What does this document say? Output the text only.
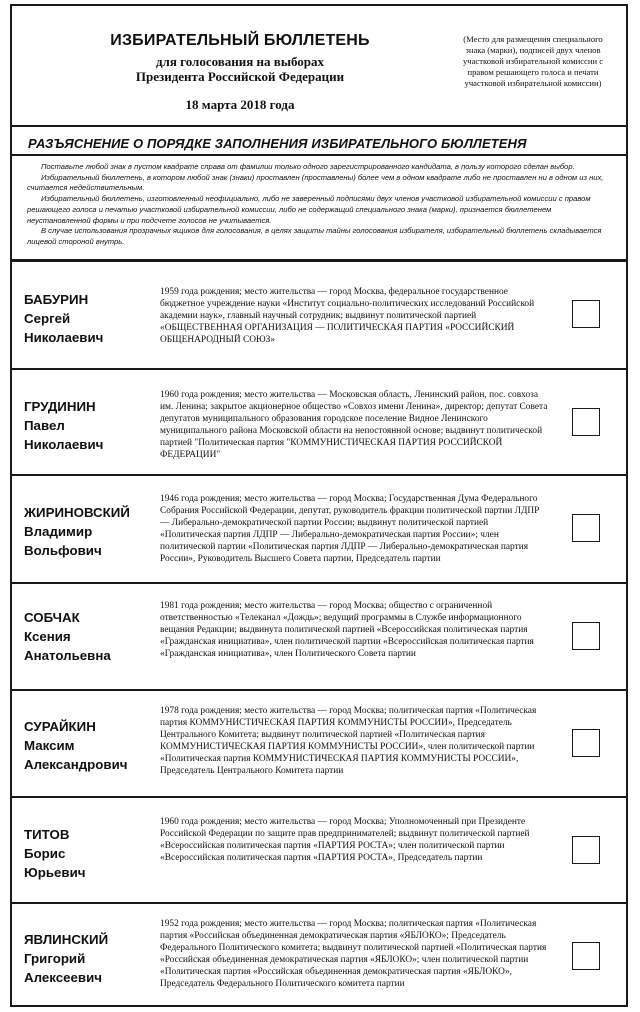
ИЗБИРАТЕЛЬНЫЙ БЮЛЛЕТЕНЬ
для голосования на выборах
Президента Российской Федерации
18 марта 2018 года
(Место для размещения специального знака (марки), подписей двух членов участковой избирательной комиссии с правом решающего голоса и печати участковой избирательной комиссии)
РАЗЪЯСНЕНИЕ О ПОРЯДКЕ ЗАПОЛНЕНИЯ ИЗБИРАТЕЛЬНОГО БЮЛЛЕТЕНЯ

Поставьте любой знак в пустом квадрате справа от фамилии только одного зарегистрированного кандидата, в пользу которого сделан выбор.

Избирательный бюллетень, в котором любой знак (знаки) проставлен (проставлены) более чем в одном квадрате либо не проставлен ни в одном из них, считается недействительным.

Избирательный бюллетень, изготовленный неофициально, либо не заверенный подписями двух членов участковой избирательной комиссии с правом решающего голоса и печатью участковой избирательной комиссии, либо не содержащий специального знака (марки), признается бюллетенем неустановленной формы и при подсчете голосов не учитывается.

В случае использования прозрачных ящиков для голосования, в целях защиты тайны голосования избирателя, избирательный бюллетень складывается лицевой стороной внутрь.

БАБУРИН
Сергей
Николаевич
1959 года рождения; место жительства — город Москва, федеральное государственное бюджетное учреждение науки «Институт социально-политических исследований Российской академии наук», главный научный сотрудник; выдвинут политической партией «ОБЩЕСТВЕННАЯ ОРГАНИЗАЦИЯ — ПОЛИТИЧЕСКАЯ ПАРТИЯ «РОССИЙСКИЙ ОБЩЕНАРОДНЫЙ СОЮЗ»
ГРУДИНИН
Павел
Николаевич
1960 года рождения; место жительства — Московская область, Ленинский район, пос. совхоза им. Ленина; закрытое акционерное общество «Совхоз имени Ленина», директор; депутат Совета депутатов муниципального образования городское поселение Видное Ленинского муниципального района Московской области на непостоянной основе; выдвинут политической партией "Политическая партия "КОММУНИСТИЧЕСКАЯ ПАРТИЯ РОССИЙСКОЙ ФЕДЕРАЦИИ"
ЖИРИНОВСКИЙ
Владимир
Вольфович
1946 года рождения; место жительства — город Москва; Государственная Дума Федерального Собрания Российской Федерации, депутат, руководитель фракции политической партии ЛДПР — Либерально-демократической партии России; выдвинут политической партией «Политическая партия ЛДПР — Либерально-демократическая партия России»; член политической партии «Политическая партия ЛДПР — Либерально-демократическая партия России», Руководитель Высшего Совета партии, Председатель партии
СОБЧАК
Ксения
Анатольевна
1981 года рождения; место жительства — город Москва; общество с ограниченной ответственностью «Телеканал «Дождь»; ведущий программы в Службе информационного вещания Редакции; выдвинута политической партией «Всероссийская политическая партия «Гражданская инициатива», член политической партии «Всероссийская политическая партия «Гражданская инициатива», член Политического Совета партии
СУРАЙКИН
Максим
Александрович
1978 года рождения; место жительства — город Москва; политическая партия «Политическая партия КОММУНИСТИЧЕСКАЯ ПАРТИЯ КОММУНИСТЫ РОССИИ», Председатель Центрального Комитета; выдвинут политической партией «Политическая партия КОММУНИСТИЧЕСКАЯ ПАРТИЯ КОММУНИСТЫ РОССИИ», член политической партии «Политическая партия КОММУНИСТИЧЕСКАЯ ПАРТИЯ КОММУНИСТЫ РОССИИ», Председатель Центрального Комитета партии
ТИТОВ
Борис
Юрьевич
1960 года рождения; место жительства — город Москва; Уполномоченный при Президенте Российской Федерации по защите прав предпринимателей; выдвинут политической партией «Всероссийская политическая партия «ПАРТИЯ РОСТА»; член политической партии «Всероссийская политическая партия «ПАРТИЯ РОСТА», Председатель партии
ЯВЛИНСКИЙ
Григорий
Алексеевич
1952 года рождения; место жительства — город Москва; политическая партия «Политическая партия «Российская объединенная демократическая партия «ЯБЛОКО»; Председатель Федерального Политического комитета; выдвинут политической партией «Политическая партия «Российская объединенная демократическая партия «ЯБЛОКО»; член политической партии «Политическая партия «Российская объединенная демократическая партия «ЯБЛОКО», Председатель Федерального Политического комитета партии
